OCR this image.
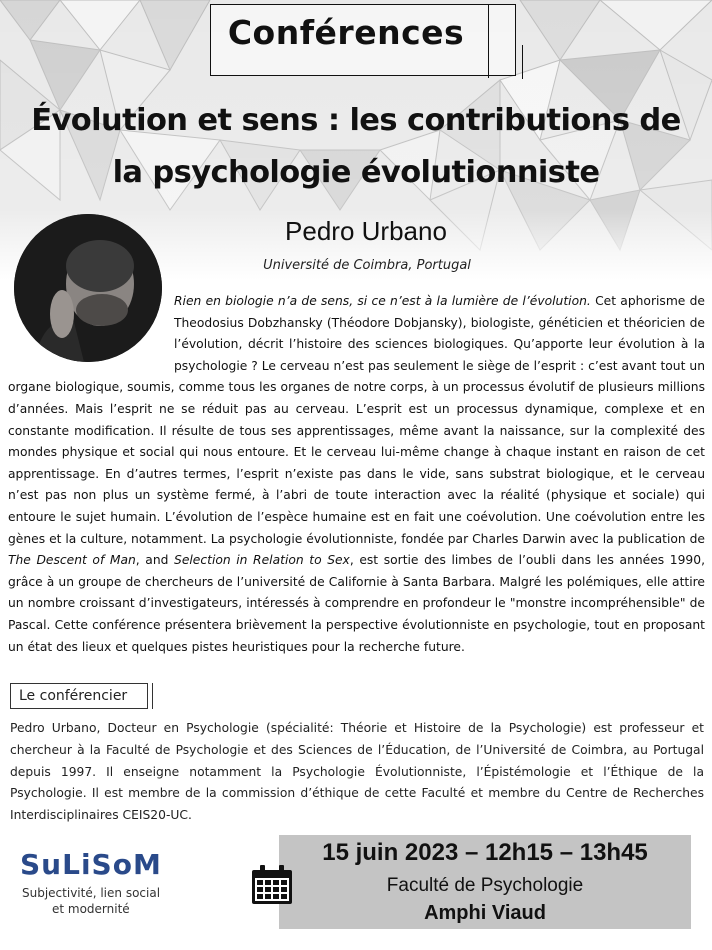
Conférences
Évolution et sens : les contributions de
la psychologie évolutionniste
Pedro Urbano
Université de Coimbra, Portugal
Rien en biologie n’a de sens, si ce n’est à la lumière de l’évolution. Cet aphorisme de Theodosius Dobzhansky (Théodore Dobjansky), biologiste, généticien et théoricien de l’évolution, décrit l’histoire des sciences biologiques. Qu’apporte leur évolution à la psychologie ? Le cerveau n’est pas seulement le siège de l’esprit : c’est avant tout un organe biologique, soumis, comme tous les organes de notre corps, à un processus évolutif de plusieurs millions d’années. Mais l’esprit ne se réduit pas au cerveau. L’esprit est un processus dynamique, complexe et en constante modification. Il résulte de tous ses apprentissages, même avant la naissance, sur la complexité des mondes physique et social qui nous entoure. Et le cerveau lui-même change à chaque instant en raison de cet apprentissage. En d’autres termes, l’esprit n’existe pas dans le vide, sans substrat biologique, et le cerveau n’est pas non plus un système fermé, à l’abri de toute interaction avec la réalité (physique et sociale) qui entoure le sujet humain. L’évolution de l’espèce humaine est en fait une coévolution. Une coévolution entre les gènes et la culture, notamment. La psychologie évolutionniste, fondée par Charles Darwin avec la publication de The Descent of Man, and Selection in Relation to Sex, est sortie des limbes de l’oubli dans les années 1990, grâce à un groupe de chercheurs de l’université de Californie à Santa Barbara. Malgré les polémiques, elle attire un nombre croissant d’investigateurs, intéressés à comprendre en profondeur le "monstre incompréhensible" de Pascal. Cette conférence présentera brièvement la perspective évolutionniste en psychologie, tout en proposant un état des lieux et quelques pistes heuristiques pour la recherche future.
Le conférencier
Pedro Urbano, Docteur en Psychologie (spécialité: Théorie et Histoire de la Psychologie) est professeur et chercheur à la Faculté de Psychologie et des Sciences de l’Éducation, de l’Université de Coimbra, au Portugal depuis 1997. Il enseigne notamment la Psychologie Évolutionniste, l’Épistémologie et l’Éthique de la Psychologie. Il est membre de la commission d’éthique de cette Faculté et membre du Centre de Recherches Interdisciplinaires CEIS20-UC.
SuLiSoM
Subjectivité, lien social
et modernité
15 juin 2023 – 12h15 – 13h45
Faculté de Psychologie
Amphi Viaud
